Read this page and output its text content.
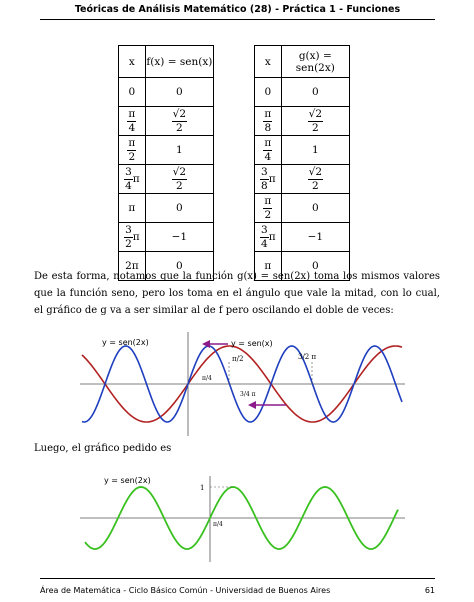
Teóricas de Análisis Matemático (28) - Práctica 1 - Funciones
x	f(x) = sen(x)
0	0

$\frac{\pi}{4}$	$\frac{√2}{2}$

$\frac{\pi}{2}$	1

$\frac{3}{4}$ π	$\frac{√2}{2}$

π	0

$\frac{3}{2}$ π	−1
2π	0
x	g(x) = sen(2x)
0	0

$\frac{\pi}{8}$	$\frac{√2}{2}$

$\frac{\pi}{4}$	1

$\frac{3}{8}$ π	$\frac{√2}{2}$

$\frac{\pi}{2}$	0

$\frac{3}{4}$ π	−1
π	0
De esta forma, notamos que la función g(x) = sen(2x) toma los mismos valores que la función seno, pero los toma en el ángulo que vale la mitad, con lo cual, el gráfico de g va a ser similar al de f pero oscilando el doble de veces:
y = sen(2x)	y = sen(x)
π/2	3/2 π
π/4
3/4 π
Luego, el gráfico pedido es
y = sen(2x)
1
π/4
Área de Matemática - Ciclo Básico Común - Universidad de Buenos Aires	61
